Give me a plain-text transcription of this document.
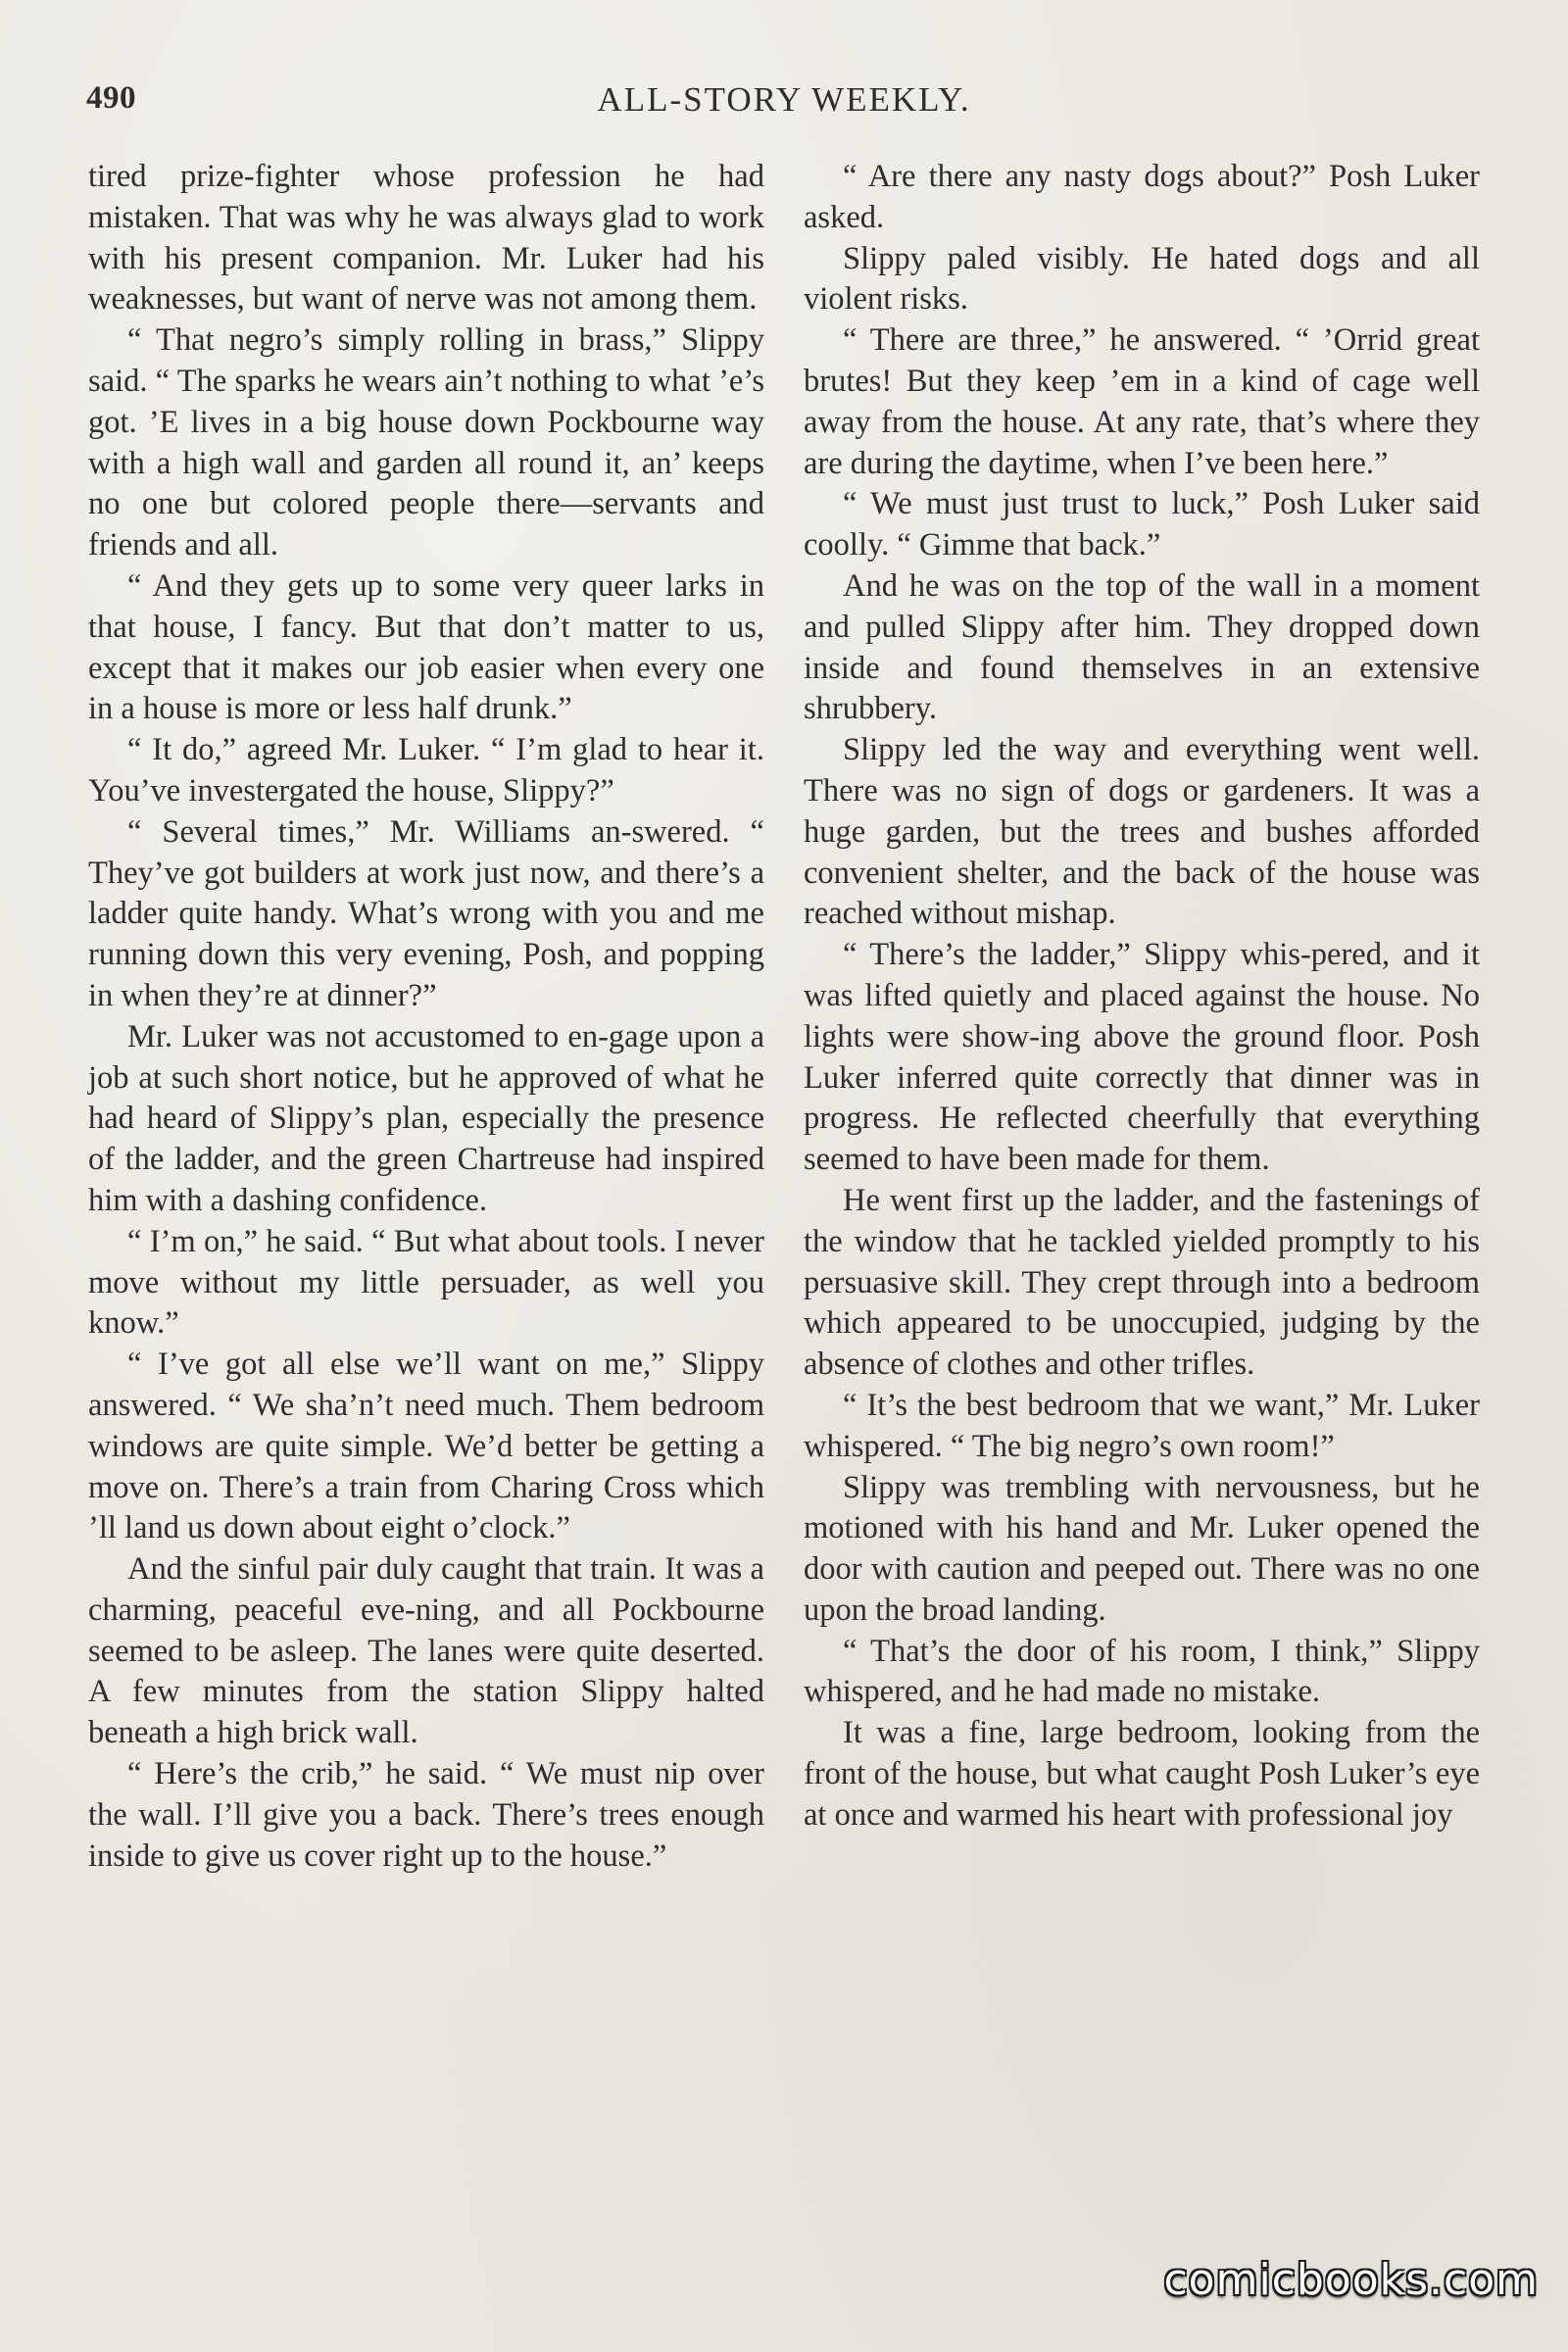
490	ALL-STORY WEEKLY.

tired prize-fighter whose profession he had mistaken. That was why he was always glad to work with his present companion. Mr. Luker had his weaknesses, but want of nerve was not among them.

“ That negro’s simply rolling in brass,” Slippy said. “ The sparks he wears ain’t nothing to what ’e’s got. ’E lives in a big house down Pockbourne way with a high wall and garden all round it, an’ keeps no one but colored people there—servants and friends and all.

“ And they gets up to some very queer larks in that house, I fancy. But that don’t matter to us, except that it makes our job easier when every one in a house is more or less half drunk.”

“ It do,” agreed Mr. Luker. “ I’m glad to hear it. You’ve investergated the house, Slippy?”

“ Several times,” Mr. Williams an-swered. “ They’ve got builders at work just now, and there’s a ladder quite handy. What’s wrong with you and me running down this very evening, Posh, and popping in when they’re at dinner?”

Mr. Luker was not accustomed to en-gage upon a job at such short notice, but he approved of what he had heard of Slippy’s plan, especially the presence of the ladder, and the green Chartreuse had inspired him with a dashing confidence.

“ I’m on,” he said. “ But what about tools. I never move without my little persuader, as well you know.”

“ I’ve got all else we’ll want on me,” Slippy answered. “ We sha’n’t need much. Them bedroom windows are quite simple. We’d better be getting a move on. There’s a train from Charing Cross which ’ll land us down about eight o’clock.”

And the sinful pair duly caught that train. It was a charming, peaceful eve-ning, and all Pockbourne seemed to be asleep. The lanes were quite deserted. A few minutes from the station Slippy halted beneath a high brick wall.

“ Here’s the crib,” he said. “ We must nip over the wall. I’ll give you a back. There’s trees enough inside to give us cover right up to the house.”

“ Are there any nasty dogs about?” Posh Luker asked.

Slippy paled visibly. He hated dogs and all violent risks.

“ There are three,” he answered. “ ’Orrid great brutes! But they keep ’em in a kind of cage well away from the house. At any rate, that’s where they are during the daytime, when I’ve been here.”

“ We must just trust to luck,” Posh Luker said coolly. “ Gimme that back.”

And he was on the top of the wall in a moment and pulled Slippy after him. They dropped down inside and found themselves in an extensive shrubbery.

Slippy led the way and everything went well. There was no sign of dogs or gardeners. It was a huge garden, but the trees and bushes afforded convenient shelter, and the back of the house was reached without mishap.

“ There’s the ladder,” Slippy whis-pered, and it was lifted quietly and placed against the house. No lights were show-ing above the ground floor. Posh Luker inferred quite correctly that dinner was in progress. He reflected cheerfully that everything seemed to have been made for them.

He went first up the ladder, and the fastenings of the window that he tackled yielded promptly to his persuasive skill. They crept through into a bedroom which appeared to be unoccupied, judging by the absence of clothes and other trifles.

“ It’s the best bedroom that we want,” Mr. Luker whispered. “ The big negro’s own room!”

Slippy was trembling with nervousness, but he motioned with his hand and Mr. Luker opened the door with caution and peeped out. There was no one upon the broad landing.

“ That’s the door of his room, I think,” Slippy whispered, and he had made no mistake.

It was a fine, large bedroom, looking from the front of the house, but what caught Posh Luker’s eye at once and warmed his heart with professional joy

comicbooks.com
